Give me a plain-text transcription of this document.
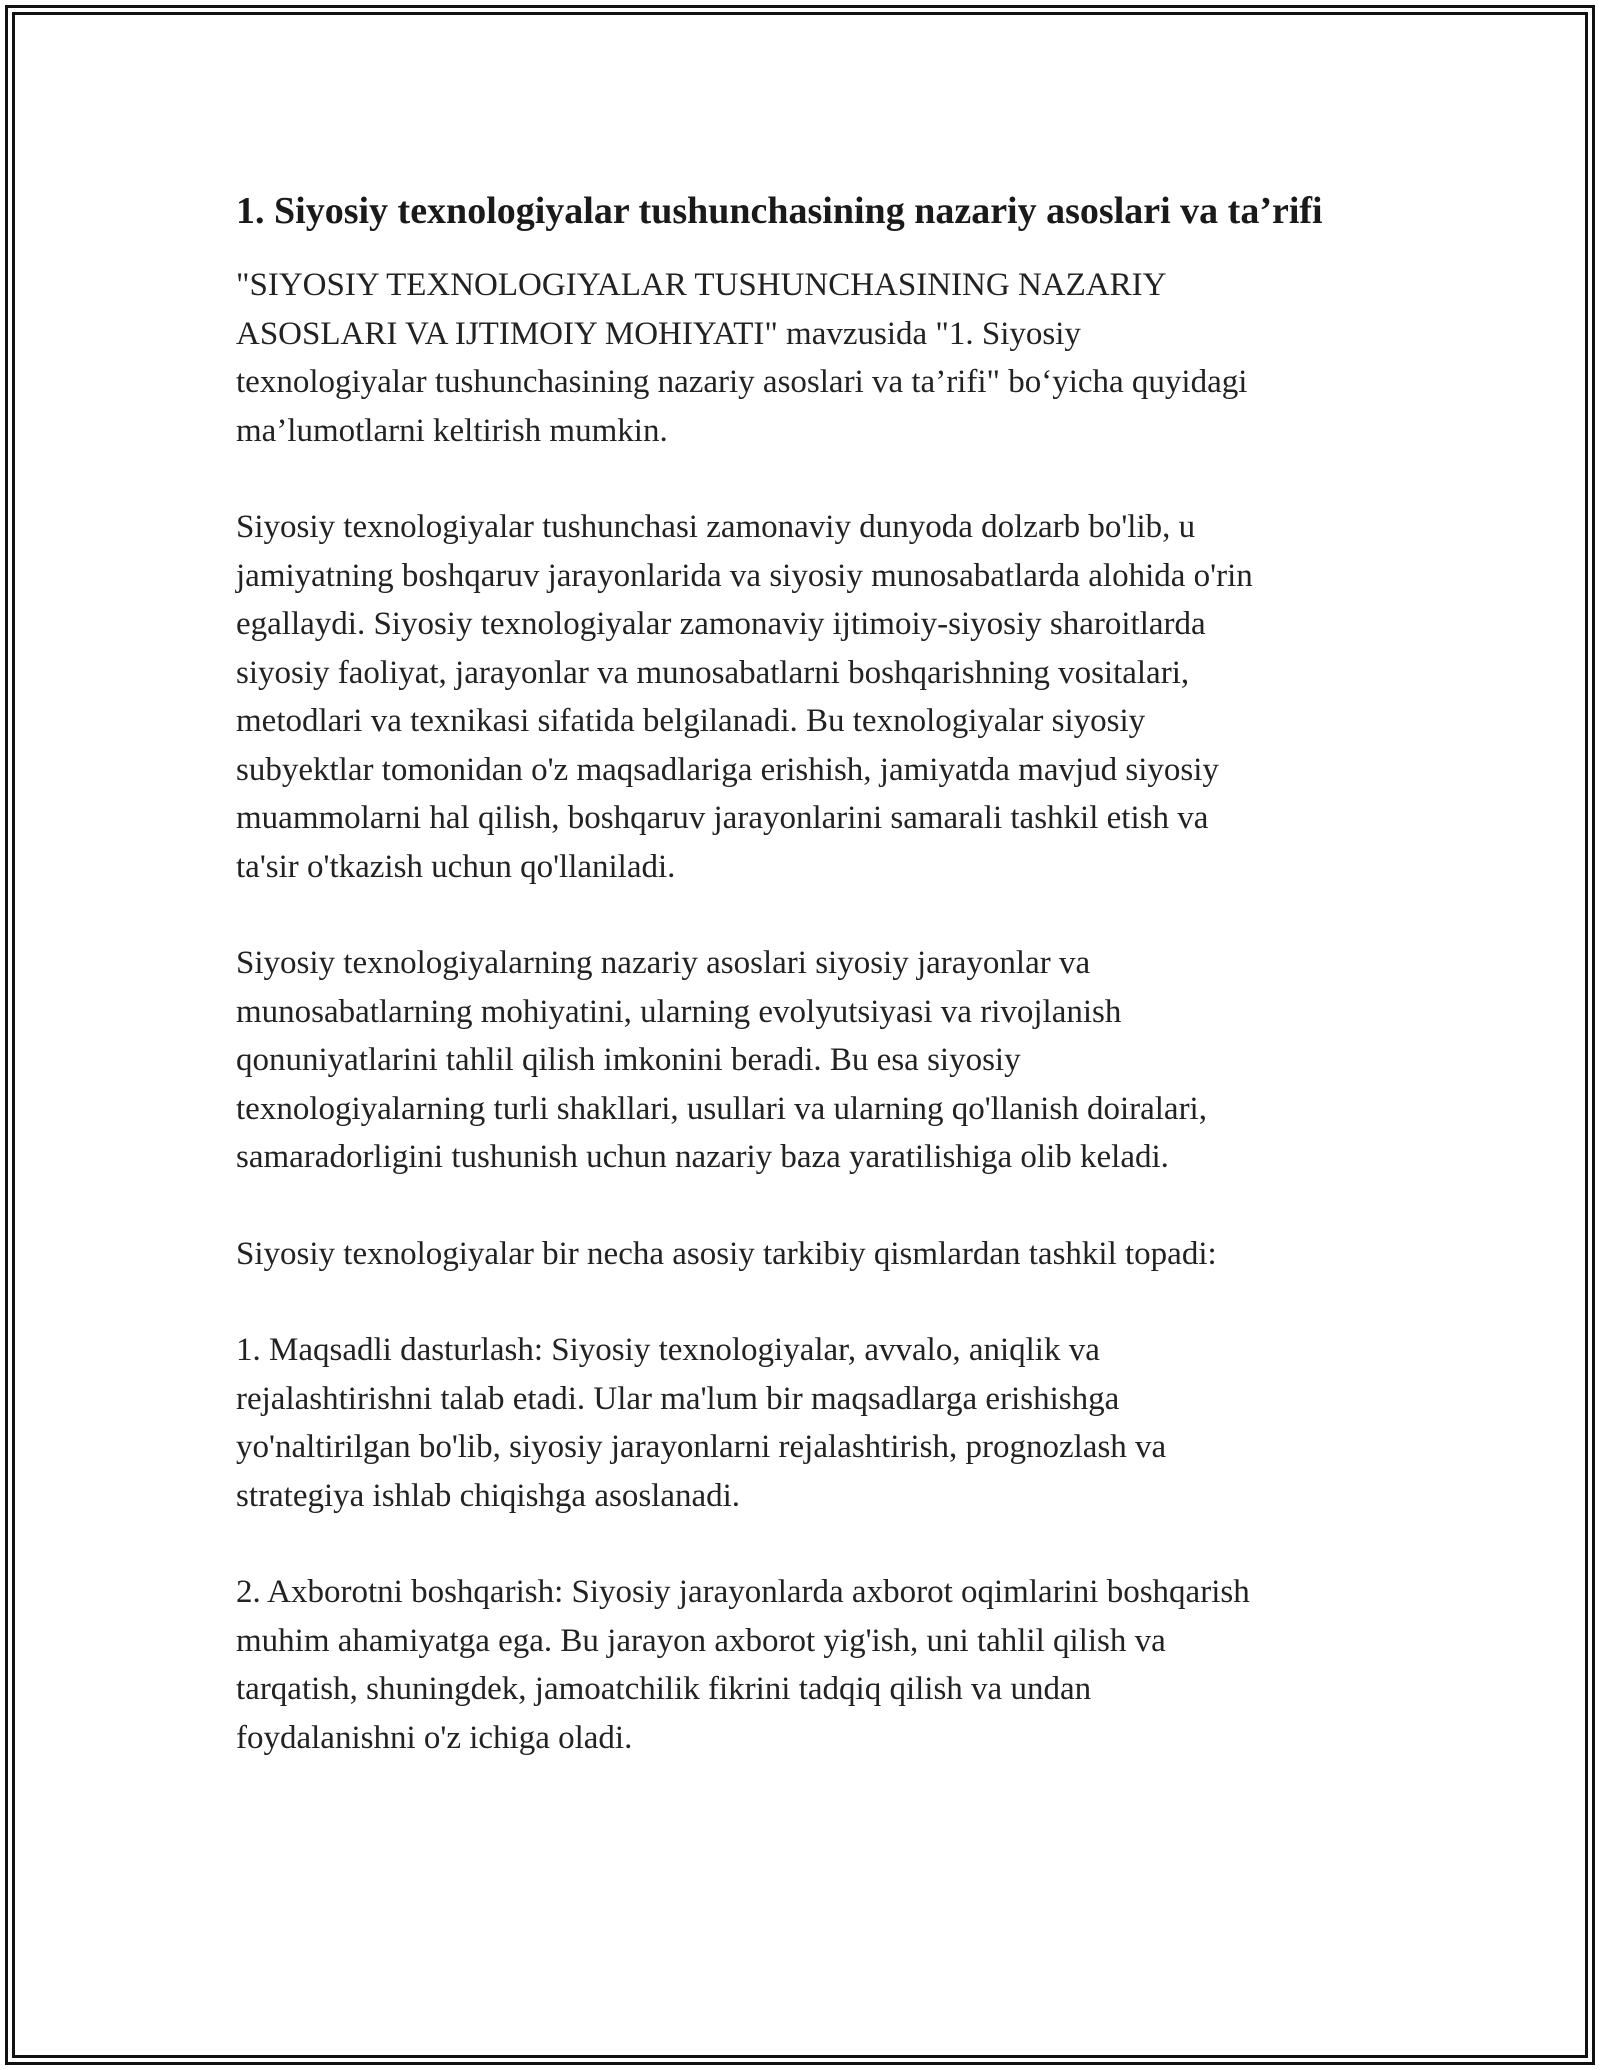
1. Siyosiy texnologiyalar tushunchasining nazariy asoslari va ta’rifi

"SIYOSIY TEXNOLOGIYALAR TUSHUNCHASINING NAZARIY
ASOSLARI VA IJTIMOIY MOHIYATI" mavzusida "1. Siyosiy
texnologiyalar tushunchasining nazariy asoslari va ta’rifi" bo‘yicha quyidagi
ma’lumotlarni keltirish mumkin.

Siyosiy texnologiyalar tushunchasi zamonaviy dunyoda dolzarb bo'lib, u
jamiyatning boshqaruv jarayonlarida va siyosiy munosabatlarda alohida o'rin
egallaydi. Siyosiy texnologiyalar zamonaviy ijtimoiy-siyosiy sharoitlarda
siyosiy faoliyat, jarayonlar va munosabatlarni boshqarishning vositalari,
metodlari va texnikasi sifatida belgilanadi. Bu texnologiyalar siyosiy
subyektlar tomonidan o'z maqsadlariga erishish, jamiyatda mavjud siyosiy
muammolarni hal qilish, boshqaruv jarayonlarini samarali tashkil etish va
ta'sir o'tkazish uchun qo'llaniladi.

Siyosiy texnologiyalarning nazariy asoslari siyosiy jarayonlar va
munosabatlarning mohiyatini, ularning evolyutsiyasi va rivojlanish
qonuniyatlarini tahlil qilish imkonini beradi. Bu esa siyosiy
texnologiyalarning turli shakllari, usullari va ularning qo'llanish doiralari,
samaradorligini tushunish uchun nazariy baza yaratilishiga olib keladi.

Siyosiy texnologiyalar bir necha asosiy tarkibiy qismlardan tashkil topadi:

1. Maqsadli dasturlash: Siyosiy texnologiyalar, avvalo, aniqlik va
rejalashtirishni talab etadi. Ular ma'lum bir maqsadlarga erishishga
yo'naltirilgan bo'lib, siyosiy jarayonlarni rejalashtirish, prognozlash va
strategiya ishlab chiqishga asoslanadi.

2. Axborotni boshqarish: Siyosiy jarayonlarda axborot oqimlarini boshqarish
muhim ahamiyatga ega. Bu jarayon axborot yig'ish, uni tahlil qilish va
tarqatish, shuningdek, jamoatchilik fikrini tadqiq qilish va undan
foydalanishni o'z ichiga oladi.
